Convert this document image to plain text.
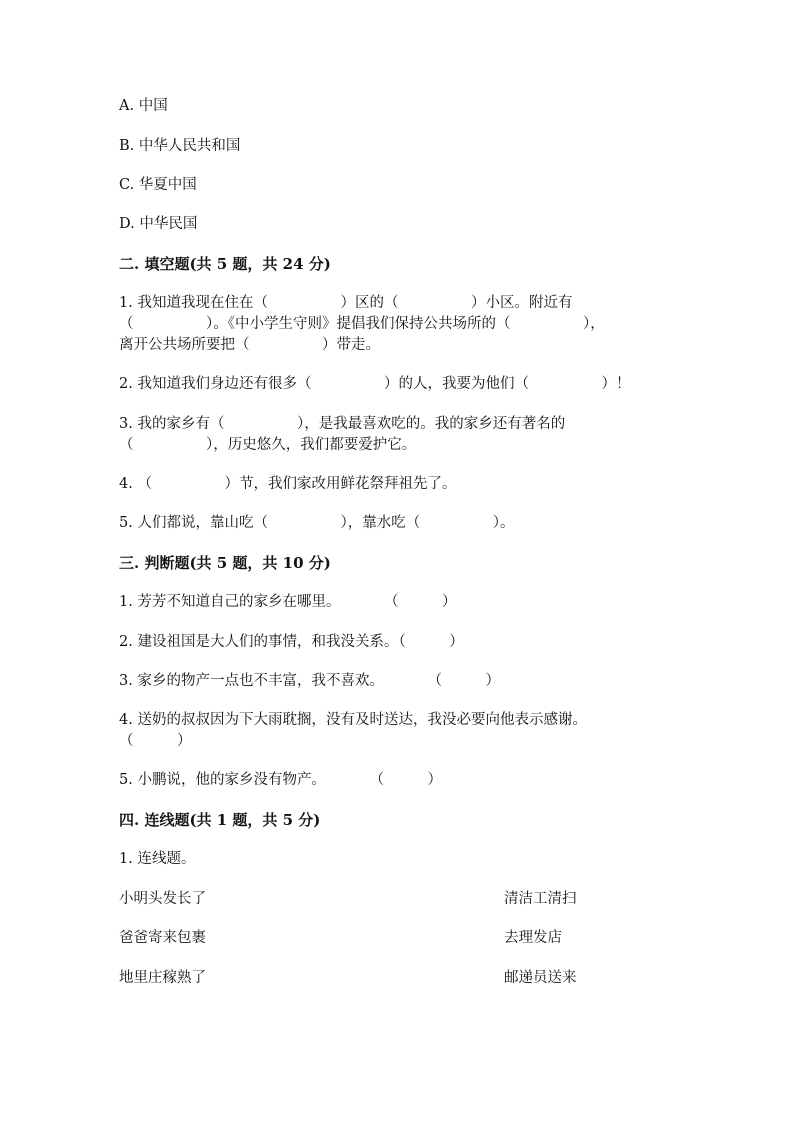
A. 中国
B. 中华人民共和国
C. 华夏中国
D. 中华民国
二. 填空题(共 5 题，共 24 分)
1. 我知道我现在住在（　　　　　）区的（　　　　　）小区。附近有
（　　　　　）。《中小学生守则》提倡我们保持公共场所的（　　　　　），
离开公共场所要把（　　　　　）带走。
2. 我知道我们身边还有很多（　　　　　）的人，我要为他们（　　　　　）！
3. 我的家乡有（　　　　　），是我最喜欢吃的。我的家乡还有著名的
（　　　　　），历史悠久，我们都要爱护它。
4. （　　　　　）节，我们家改用鲜花祭拜祖先了。
5. 人们都说，靠山吃（　　　　　），靠水吃（　　　　　）。
三. 判断题(共 5 题，共 10 分)
1. 芳芳不知道自己的家乡在哪里。　　　　（　　　）
2. 建设祖国是大人们的事情，和我没关系。（　　　）
3. 家乡的物产一点也不丰富，我不喜欢。　　　　（　　　）
4. 送奶的叔叔因为下大雨耽搁，没有及时送达，我没必要向他表示感谢。
（　　　）
5. 小鹏说，他的家乡没有物产。　　　　（　　　）
四. 连线题(共 1 题，共 5 分)
1. 连线题。
小明头发长了	清洁工清扫
爸爸寄来包裹	去理发店
地里庄稼熟了	邮递员送来
